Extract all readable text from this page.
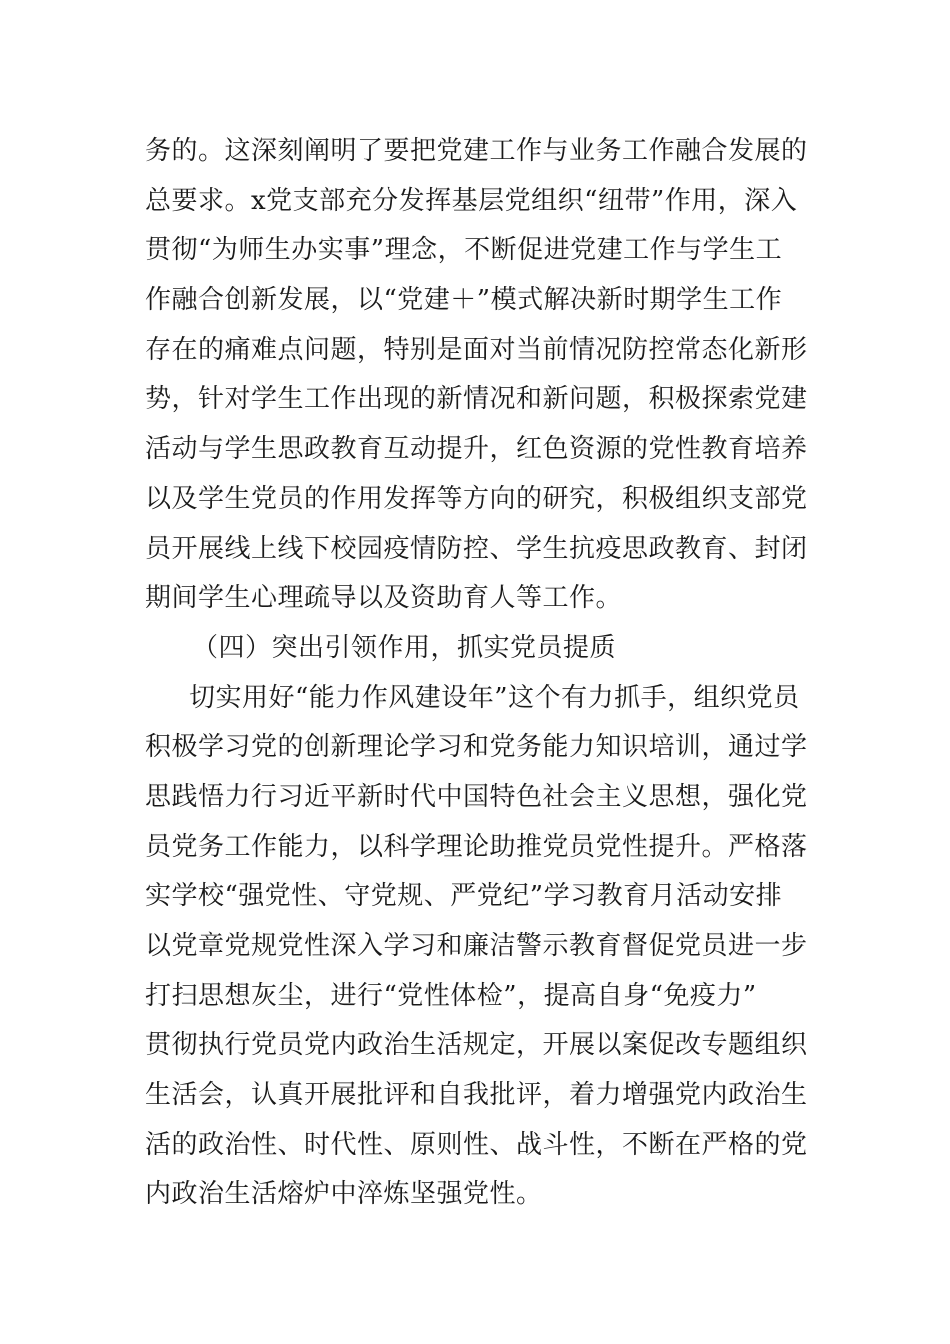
务的。这深刻阐明了要把党建工作与业务工作融合发展的
总要求。x党支部充分发挥基层党组织“纽带”作用，深入
贯彻“为师生办实事”理念，不断促进党建工作与学生工
作融合创新发展，以“党建＋”模式解决新时期学生工作
存在的痛难点问题，特别是面对当前情况防控常态化新形
势，针对学生工作出现的新情况和新问题，积极探索党建
活动与学生思政教育互动提升，红色资源的党性教育培养
以及学生党员的作用发挥等方向的研究，积极组织支部党
员开展线上线下校园疫情防控、学生抗疫思政教育、封闭
期间学生心理疏导以及资助育人等工作。
（四）突出引领作用，抓实党员提质
切实用好“能力作风建设年”这个有力抓手，组织党员
积极学习党的创新理论学习和党务能力知识培训，通过学
思践悟力行习近平新时代中国特色社会主义思想，强化党
员党务工作能力，以科学理论助推党员党性提升。严格落
实学校“强党性、守党规、严党纪”学习教育月活动安排
以党章党规党性深入学习和廉洁警示教育督促党员进一步
打扫思想灰尘，进行“党性体检”，提高自身“免疫力”
贯彻执行党员党内政治生活规定，开展以案促改专题组织
生活会，认真开展批评和自我批评，着力增强党内政治生
活的政治性、时代性、原则性、战斗性，不断在严格的党
内政治生活熔炉中淬炼坚强党性。
